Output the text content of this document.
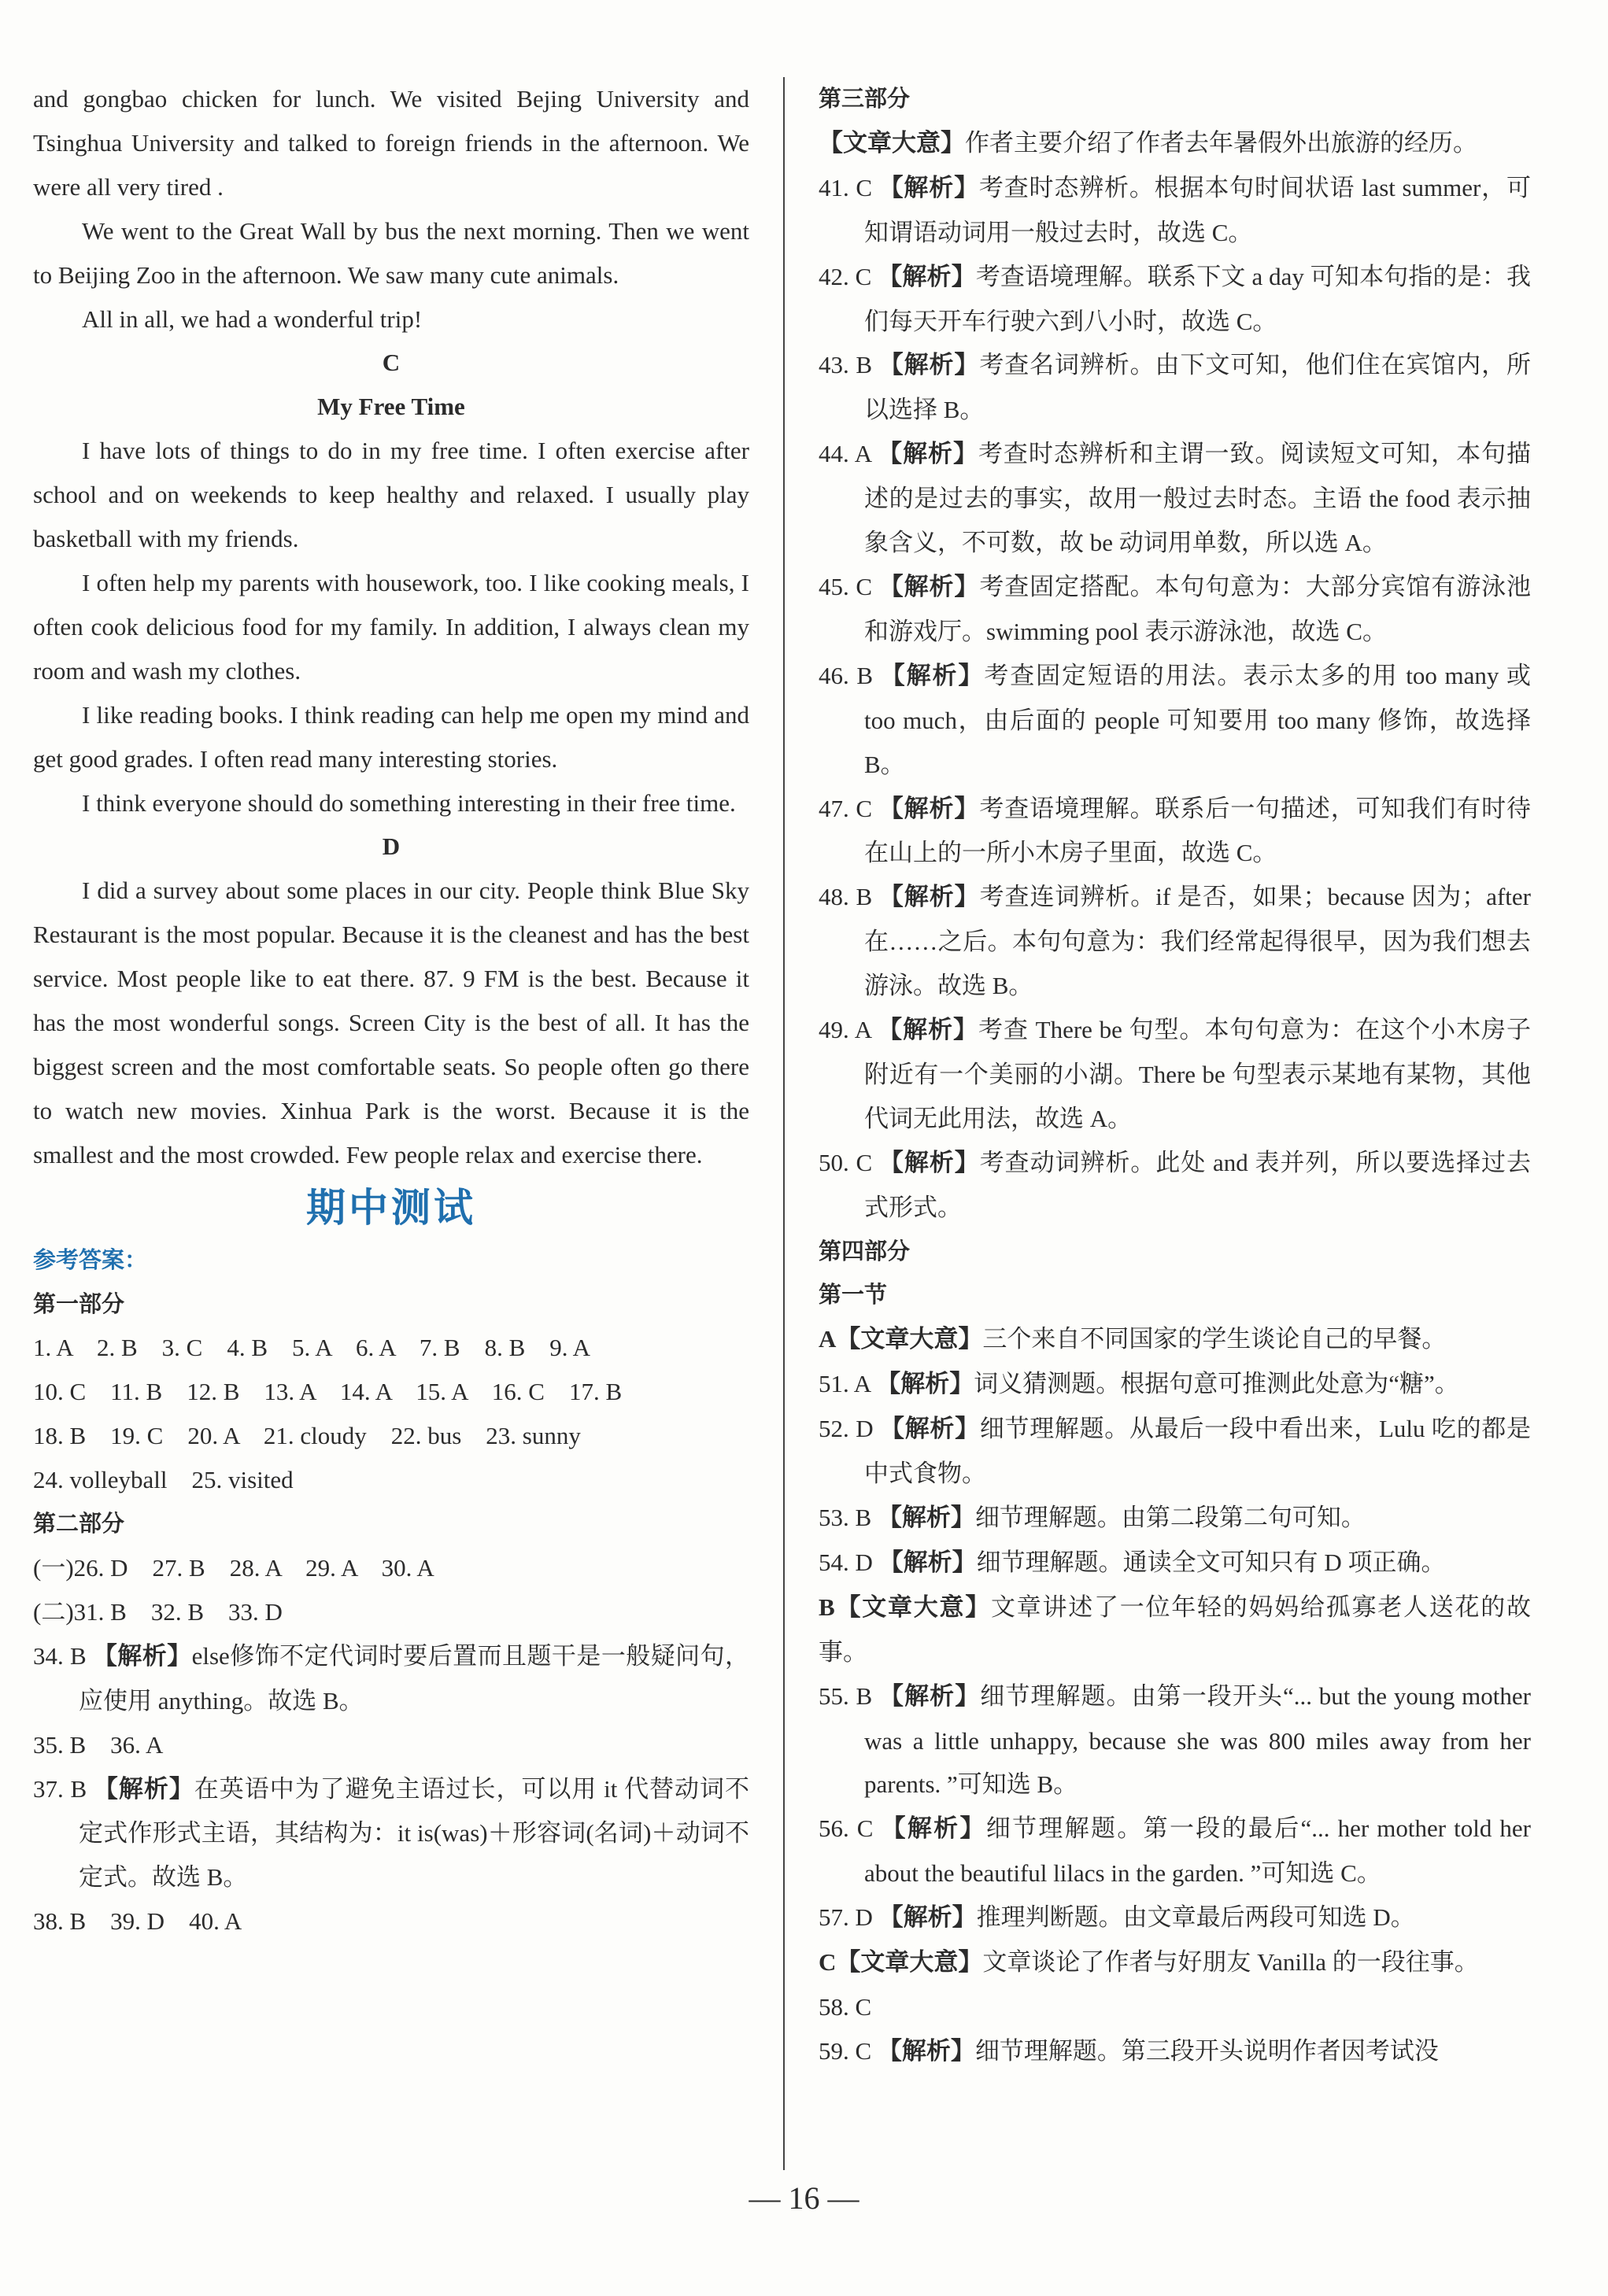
and gongbao chicken for lunch. We visited Bejing University and Tsinghua University and talked to foreign friends in the afternoon. We were all very tired .

We went to the Great Wall by bus the next morning. Then we went to Beijing Zoo in the afternoon. We saw many cute animals.

All in all, we had a wonderful trip!

C

My Free Time

I have lots of things to do in my free time. I often exercise after school and on weekends to keep healthy and relaxed. I usually play basketball with my friends.

I often help my parents with housework, too. I like cooking meals, I often cook delicious food for my family. In addition, I always clean my room and wash my clothes.

I like reading books. I think reading can help me open my mind and get good grades. I often read many interesting stories.

I think everyone should do something interesting in their free time.

D

I did a survey about some places in our city. People think Blue Sky Restaurant is the most popular. Because it is the cleanest and has the best service. Most people like to eat there. 87. 9 FM is the best. Because it has the most wonderful songs. Screen City is the best of all. It has the biggest screen and the most comfortable seats. So people often go there to watch new movies. Xinhua Park is the worst. Because it is the smallest and the most crowded. Few people relax and exercise there.

期中测试

参考答案：

第一部分

1. A　2. B　3. C　4. B　5. A　6. A　7. B　8. B　9. A

10. C　11. B　12. B　13. A　14. A　15. A　16. C　17. B

18. B　19. C　20. A　21. cloudy　22. bus　23. sunny

24. volleyball　25. visited

第二部分

(一)26. D　27. B　28. A　29. A　30. A

(二)31. B　32. B　33. D

34. B 【解析】else修饰不定代词时要后置而且题干是一般疑问句，应使用 anything。故选 B。

35. B　36. A

37. B 【解析】在英语中为了避免主语过长，可以用 it 代替动词不定式作形式主语，其结构为：it is(was)＋形容词(名词)＋动词不定式。故选 B。

38. B　39. D　40. A

第三部分

【文章大意】作者主要介绍了作者去年暑假外出旅游的经历。

41. C 【解析】考查时态辨析。根据本句时间状语 last summer，可知谓语动词用一般过去时，故选 C。

42. C 【解析】考查语境理解。联系下文 a day 可知本句指的是：我们每天开车行驶六到八小时，故选 C。

43. B 【解析】考查名词辨析。由下文可知，他们住在宾馆内，所以选择 B。

44. A 【解析】考查时态辨析和主谓一致。阅读短文可知，本句描述的是过去的事实，故用一般过去时态。主语 the food 表示抽象含义，不可数，故 be 动词用单数，所以选 A。

45. C 【解析】考查固定搭配。本句句意为：大部分宾馆有游泳池和游戏厅。swimming pool 表示游泳池，故选 C。

46. B 【解析】考查固定短语的用法。表示太多的用 too many 或 too much，由后面的 people 可知要用 too many 修饰，故选择 B。

47. C 【解析】考查语境理解。联系后一句描述，可知我们有时待在山上的一所小木房子里面，故选 C。

48. B 【解析】考查连词辨析。if 是否，如果；because 因为；after 在……之后。本句句意为：我们经常起得很早，因为我们想去游泳。故选 B。

49. A 【解析】考查 There be 句型。本句句意为：在这个小木房子附近有一个美丽的小湖。There be 句型表示某地有某物，其他代词无此用法，故选 A。

50. C 【解析】考查动词辨析。此处 and 表并列，所以要选择过去式形式。

第四部分

第一节

A【文章大意】三个来自不同国家的学生谈论自己的早餐。

51. A 【解析】词义猜测题。根据句意可推测此处意为“糖”。

52. D 【解析】细节理解题。从最后一段中看出来，Lulu 吃的都是中式食物。

53. B 【解析】细节理解题。由第二段第二句可知。

54. D 【解析】细节理解题。通读全文可知只有 D 项正确。

B【文章大意】文章讲述了一位年轻的妈妈给孤寡老人送花的故事。

55. B 【解析】细节理解题。由第一段开头“... but the young mother was a little unhappy, because she was 800 miles away from her parents. ”可知选 B。

56. C 【解析】细节理解题。第一段的最后“... her mother told her about the beautiful lilacs in the garden. ”可知选 C。

57. D 【解析】推理判断题。由文章最后两段可知选 D。

C【文章大意】文章谈论了作者与好朋友 Vanilla 的一段往事。

58. C

59. C 【解析】细节理解题。第三段开头说明作者因考试没

— 16 —
